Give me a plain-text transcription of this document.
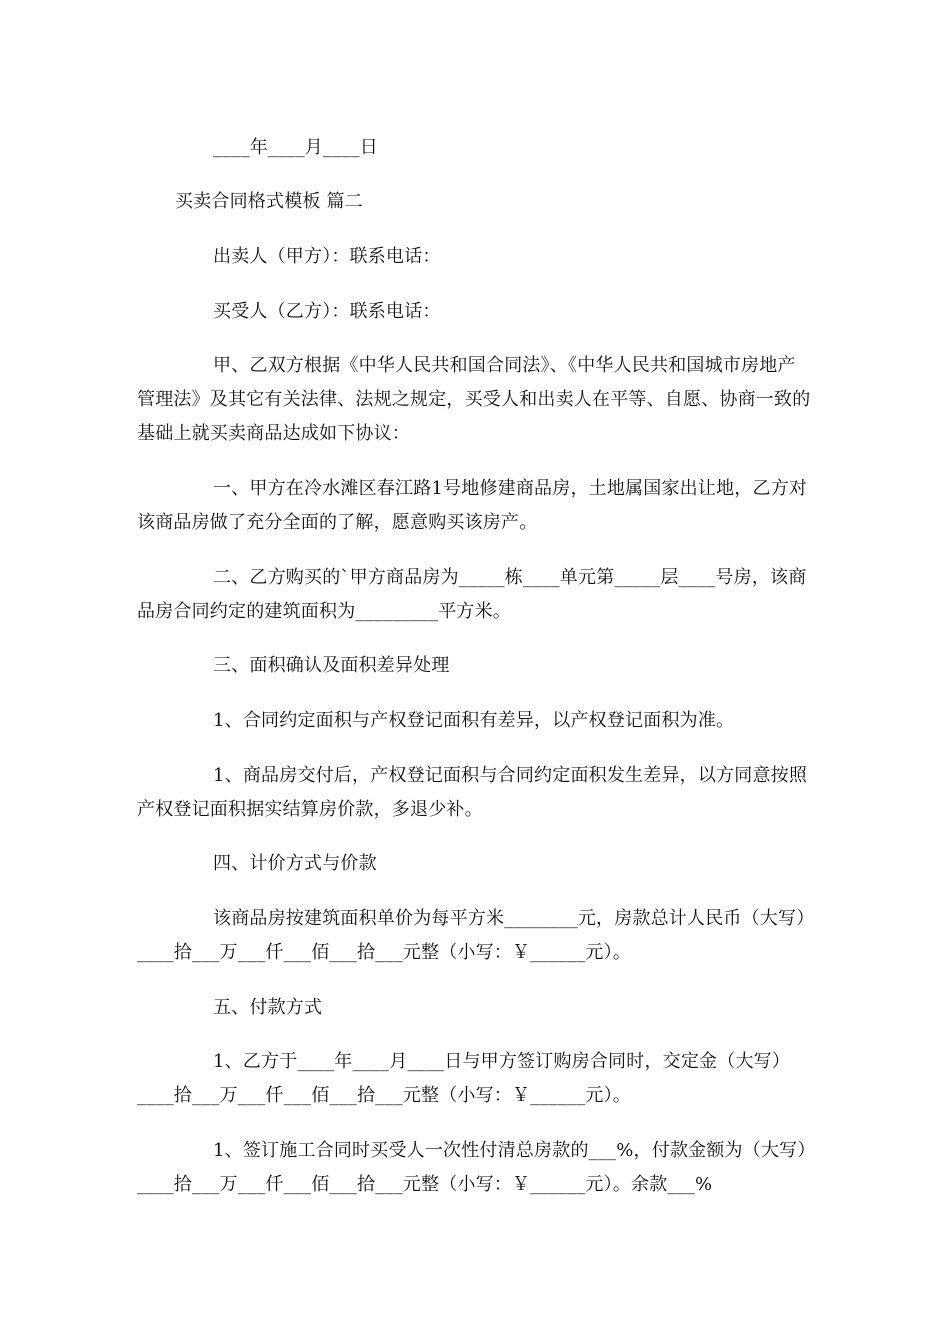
____年____月____日
买卖合同格式模板 篇二
出卖人（甲方）：联系电话：
买受人（乙方）：联系电话：
甲、乙双方根据《中华人民共和国合同法》、《中华人民共和国城市房地产管理法》及其它有关法律、法规之规定，买受人和出卖人在平等、自愿、协商一致的基础上就买卖商品达成如下协议：
一、甲方在冷水滩区春江路1号地修建商品房，土地属国家出让地，乙方对该商品房做了充分全面的了解，愿意购买该房产。
二、乙方购买的`甲方商品房为_____栋____单元第_____层____号房，该商品房合同约定的建筑面积为_________平方米。
三、面积确认及面积差异处理
1、合同约定面积与产权登记面积有差异，以产权登记面积为准。
1、商品房交付后，产权登记面积与合同约定面积发生差异，以方同意按照产权登记面积据实结算房价款，多退少补。
四、计价方式与价款
该商品房按建筑面积单价为每平方米________元，房款总计人民币（大写）____拾___万___仟___佰___拾___元整（小写：￥______元）。
五、付款方式
1、乙方于____年____月____日与甲方签订购房合同时，交定金（大写）____拾___万___仟___佰___拾___元整（小写：￥______元）。
1、签订施工合同时买受人一次性付清总房款的___%，付款金额为（大写）____拾___万___仟___佰___拾___元整（小写：￥______元）。余款___%
